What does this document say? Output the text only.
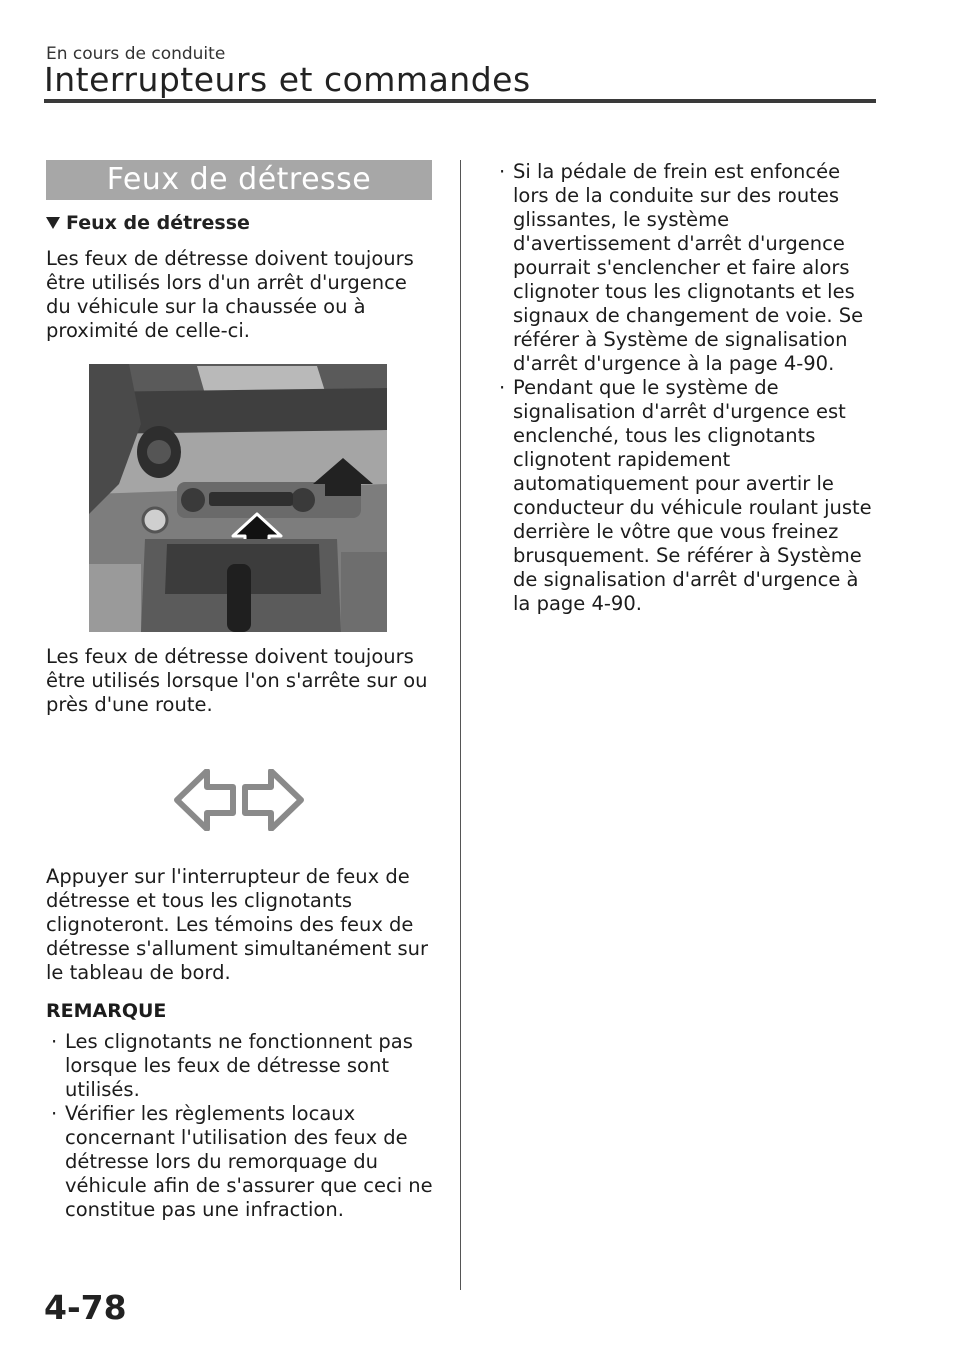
En cours de conduite
Interrupteurs et commandes
Feux de détresse
Feux de détresse

Les feux de détresse doivent toujours être utilisés lors d'un arrêt d'urgence du véhicule sur la chaussée ou à proximité de celle-ci.

Les feux de détresse doivent toujours être utilisés lorsque l'on s'arrête sur ou près d'une route.

Appuyer sur l'interrupteur de feux de détresse et tous les clignotants clignoteront. Les témoins des feux de détresse s'allument simultanément sur le tableau de bord.

REMARQUE
· Les clignotants ne fonctionnent pas lorsque les feux de détresse sont utilisés.
· Vérifier les règlements locaux concernant l'utilisation des feux de détresse lors du remorquage du véhicule afin de s'assurer que ceci ne constitue pas une infraction.
· Si la pédale de frein est enfoncée lors de la conduite sur des routes glissantes, le système d'avertissement d'arrêt d'urgence pourrait s'enclencher et faire alors clignoter tous les clignotants et les signaux de changement de voie. Se référer à Système de signalisation d'arrêt d'urgence à la page 4-90.
· Pendant que le système de signalisation d'arrêt d'urgence est enclenché, tous les clignotants clignotent rapidement automatiquement pour avertir le conducteur du véhicule roulant juste derrière le vôtre que vous freinez brusquement. Se référer à Système de signalisation d'arrêt d'urgence à la page 4-90.
4-78
